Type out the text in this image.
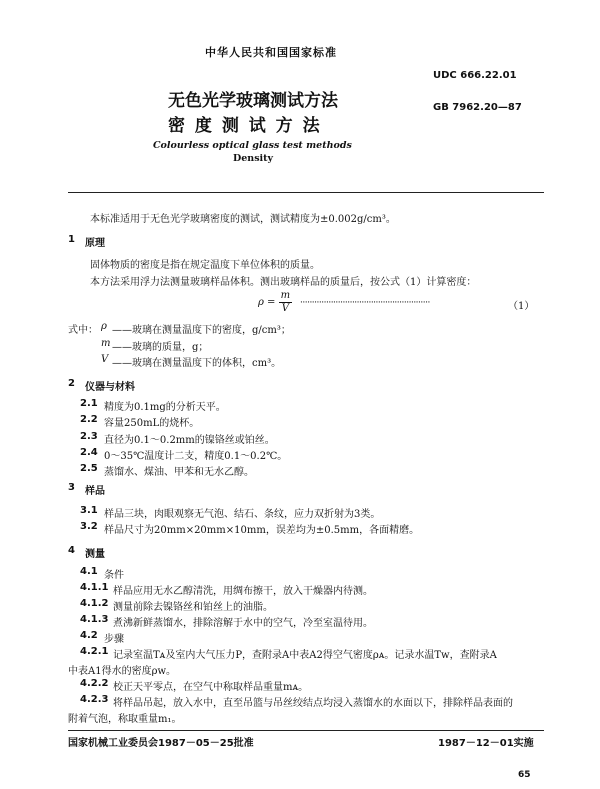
中华人民共和国国家标准
UDC 666.22.01
无色光学玻璃测试方法
密 度 测 试 方 法
GB 7962.20—87
Colourless optical glass test methods
Density
本标准适用于无色光学玻璃密度的测试，测试精度为±0.002g/cm³。
1 原理
固体物质的密度是指在规定温度下单位体积的质量。
本方法采用浮力法测量玻璃样品体积。测出玻璃样品的质量后，按公式（1）计算密度：
$\rho = \frac{m}{V}$ ·······················································	（1）
式中： ρ ——玻璃在测量温度下的密度，g/cm³；
m ——玻璃的质量，g；
V ——玻璃在测量温度下的体积，cm³。
2 仪器与材料
2.1 精度为0.1mg的分析天平。
2.2 容量250mL的烧杯。
2.3 直径为0.1～0.2mm的镍铬丝或铂丝。
2.4 0～35℃温度计二支，精度0.1～0.2℃。
2.5 蒸馏水、煤油、甲苯和无水乙醇。
3 样品
3.1 样品三块，肉眼观察无气泡、结石、条纹，应力双折射为3类。
3.2 样品尺寸为20mm×20mm×10mm，误差均为±0.5mm，各面精磨。
4 测量
4.1 条件
4.1.1 样品应用无水乙醇清洗，用绸布擦干，放入干燥器内待测。
4.1.2 测量前除去镍铬丝和铂丝上的油脂。
4.1.3 煮沸新鲜蒸馏水，排除溶解于水中的空气，冷至室温待用。
4.2 步骤
4.2.1 记录室温Tᴀ及室内大气压力P，查附录A中表A2得空气密度ρᴀ。记录水温Tᴡ，查附录A
中表A1得水的密度ρᴡ。
4.2.2 校正天平零点，在空气中称取样品重量mᴀ。
4.2.3 将样品吊起，放入水中，直至吊篮与吊丝绞结点均浸入蒸馏水的水面以下，排除样品表面的
附着气泡，称取重量m₁。
国家机械工业委员会1987－05－25批准	1987－12－01实施
65
